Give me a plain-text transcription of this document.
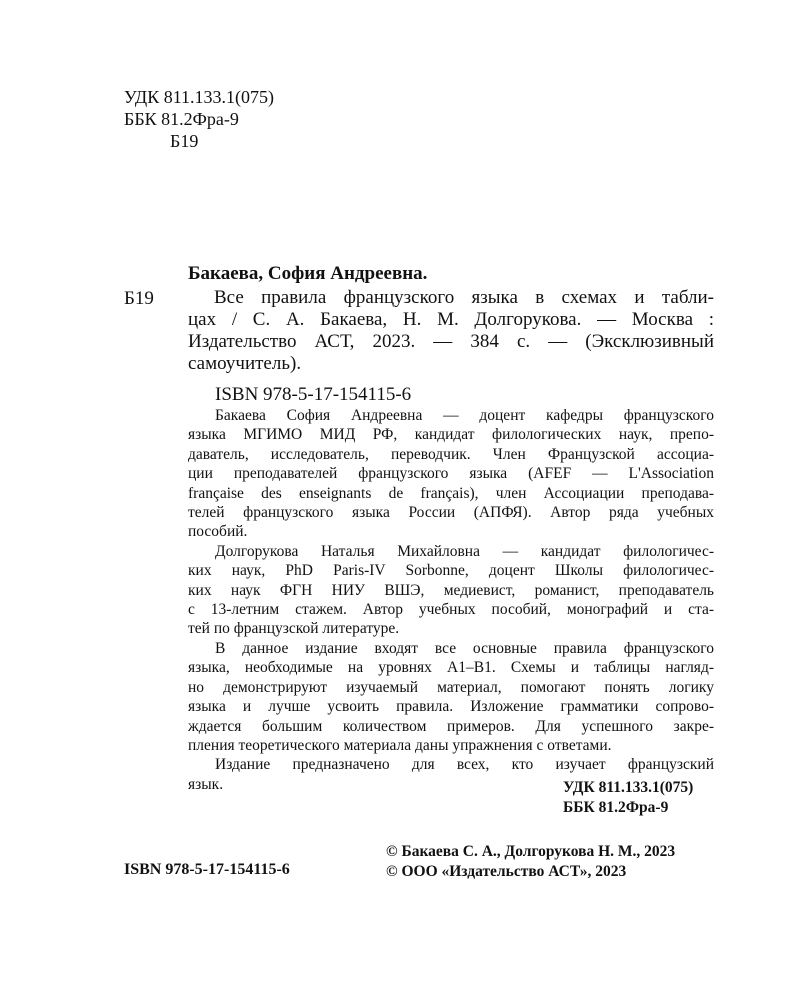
УДК 811.133.1(075)
ББК 81.2Фра-9
Б19
Бакаева, София Андреевна.
Б19	Все правила французского языка в схемах и табли-
цах / С. А. Бакаева, Н. М. Долгорукова. — Москва :
Издательство АСТ, 2023. — 384 с. — (Эксклюзивный
самоучитель).
ISBN 978-5-17-154115-6
Бакаева София Андреевна — доцент кафедры французского
языка МГИМО МИД РФ, кандидат филологических наук, препо-
даватель, исследователь, переводчик. Член Французской ассоциа-
ции преподавателей французского языка (AFEF — L'Association
française des enseignants de français), член Ассоциации преподава-
телей французского языка России (АПФЯ). Автор ряда учебных
пособий.
Долгорукова Наталья Михайловна — кандидат филологичес-
ких наук, PhD Paris-IV Sorbonne, доцент Школы филологичес-
ких наук ФГН НИУ ВШЭ, медиевист, романист, преподаватель
с 13-летним стажем. Автор учебных пособий, монографий и ста-
тей по французской литературе.
В данное издание входят все основные правила французского
языка, необходимые на уровнях A1–B1. Схемы и таблицы нагляд-
но демонстрируют изучаемый материал, помогают понять логику
языка и лучше усвоить правила. Изложение грамматики сопрово-
ждается большим количеством примеров. Для успешного закре-
пления теоретического материала даны упражнения с ответами.
Издание предназначено для всех, кто изучает французский
язык.	УДК 811.133.1(075)
ББК 81.2Фра-9
© Бакаева С. А., Долгорукова Н. М., 2023
© ООО «Издательство АСТ», 2023
ISBN 978-5-17-154115-6
